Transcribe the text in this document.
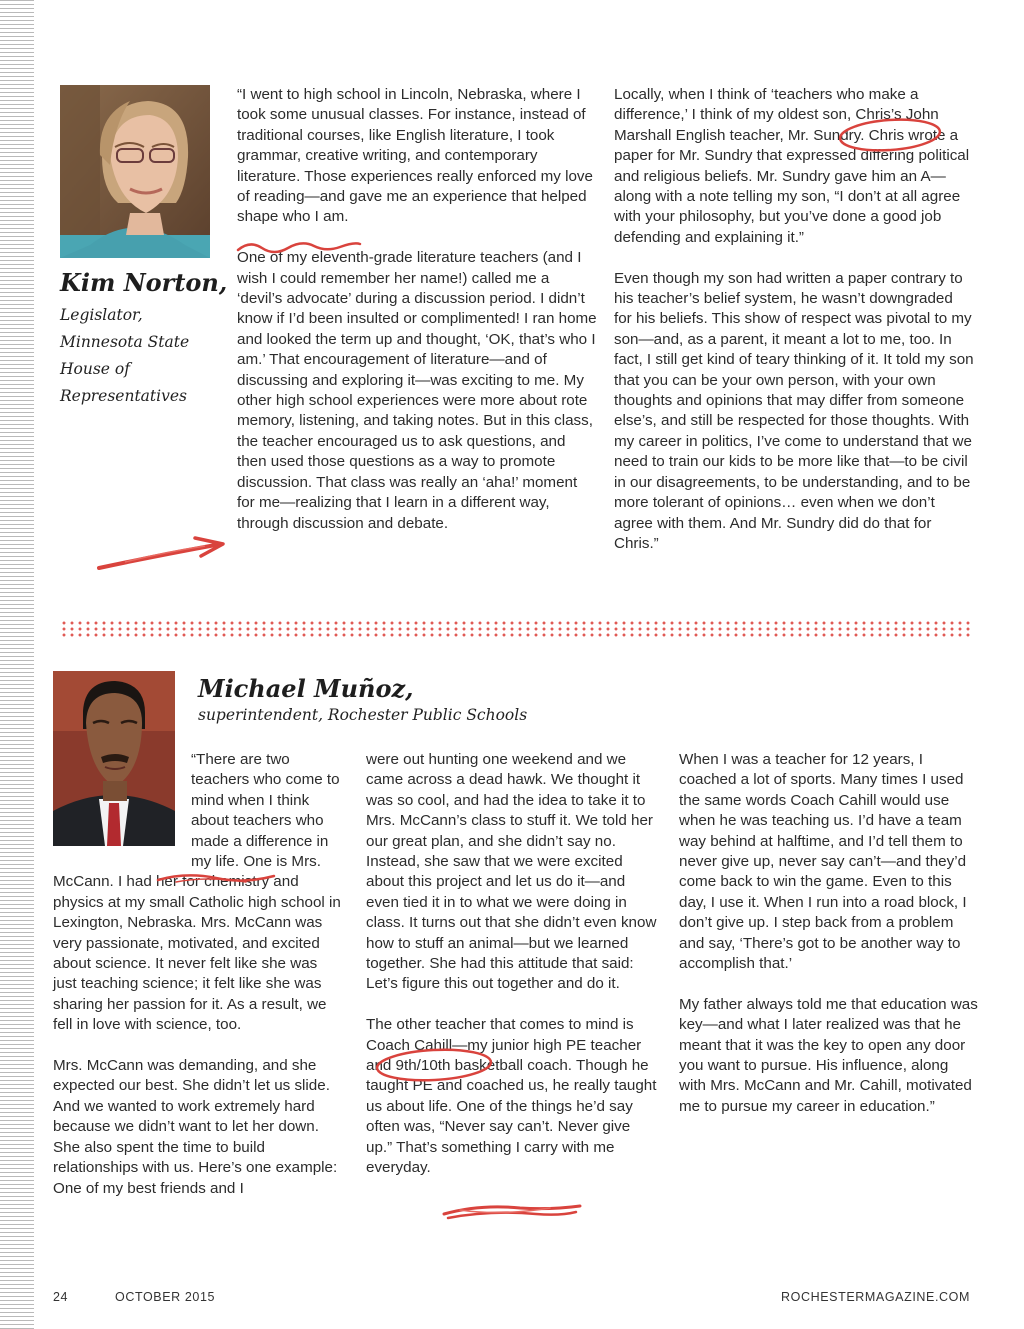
Kim Norton,
Legislator,
Minnesota State
House of
Representatives

“I went to high school in Lincoln, Nebraska, where I took some unusual classes. For instance, instead of traditional courses, like English literature, I took grammar, creative writing, and contemporary literature. Those experiences really enforced my love of reading—and gave me an experience that helped shape who I am.

One of my eleventh-grade literature teachers (and I wish I could remember her name!) called me a ‘devil’s advocate’ during a discussion period. I didn’t know if I’d been insulted or complimented! I ran home and looked the term up and thought, ‘OK, that’s who I am.’ That encouragement of literature—and of discussing and exploring it—was exciting to me. My other high school experiences were more about rote memory, listening, and taking notes. But in this class, the teacher encouraged us to ask questions, and then used those questions as a way to promote discussion. That class was really an ‘aha!’ moment for me—realizing that I learn in a different way, through discussion and debate.

Locally, when I think of ‘teachers who make a difference,’ I think of my oldest son, Chris’s John Marshall English teacher, Mr. Sundry. Chris wrote a paper for Mr. Sundry that expressed differing political and religious beliefs. Mr. Sundry gave him an A—along with a note telling my son, “I don’t at all agree with your philosophy, but you’ve done a good job defending and explaining it.”

Even though my son had written a paper contrary to his teacher’s belief system, he wasn’t downgraded for his beliefs. This show of respect was pivotal to my son—and, as a parent, it meant a lot to me, too. In fact, I still get kind of teary thinking of it. It told my son that you can be your own person, with your own thoughts and opinions that may differ from someone else’s, and still be respected for those thoughts. With my career in politics, I’ve come to understand that we need to train our kids to be more like that—to be civil in our disagreements, to be understanding, and to be more tolerant of opinions… even when we don’t agree with them. And Mr. Sundry did do that for Chris.”

Michael Muñoz,
superintendent, Rochester Public Schools

“There are two teachers who come to mind when I think about teachers who made a difference in my life. One is Mrs. McCann. I had her for chemistry and physics at my small Catholic high school in Lexington, Nebraska. Mrs. McCann was very passionate, motivated, and excited about science. It never felt like she was just teaching science; it felt like she was sharing her passion for it. As a result, we fell in love with science, too.

Mrs. McCann was demanding, and she expected our best. She didn’t let us slide. And we wanted to work extremely hard because we didn’t want to let her down. She also spent the time to build relationships with us. Here’s one example: One of my best friends and I

were out hunting one weekend and we came across a dead hawk. We thought it was so cool, and had the idea to take it to Mrs. McCann’s class to stuff it. We told her our great plan, and she didn’t say no. Instead, she saw that we were excited about this project and let us do it—and even tied it in to what we were doing in class. It turns out that she didn’t even know how to stuff an animal—but we learned together. She had this attitude that said: Let’s figure this out together and do it.

The other teacher that comes to mind is Coach Cahill—my junior high PE teacher and 9th/10th basketball coach. Though he taught PE and coached us, he really taught us about life. One of the things he’d say often was, “Never say can’t. Never give up.” That’s something I carry with me everyday.

When I was a teacher for 12 years, I coached a lot of sports. Many times I used the same words Coach Cahill would use when he was teaching us. I’d have a team way behind at halftime, and I’d tell them to never give up, never say can’t—and they’d come back to win the game. Even to this day, I use it. When I run into a road block, I don’t give up. I step back from a problem and say, ‘There’s got to be another way to accomplish that.’

My father always told me that education was key—and what I later realized was that he meant that it was the key to open any door you want to pursue. His influence, along with Mrs. McCann and Mr. Cahill, motivated me to pursue my career in education.”

24	OCTOBER 2015	ROCHESTERMAGAZINE.COM
